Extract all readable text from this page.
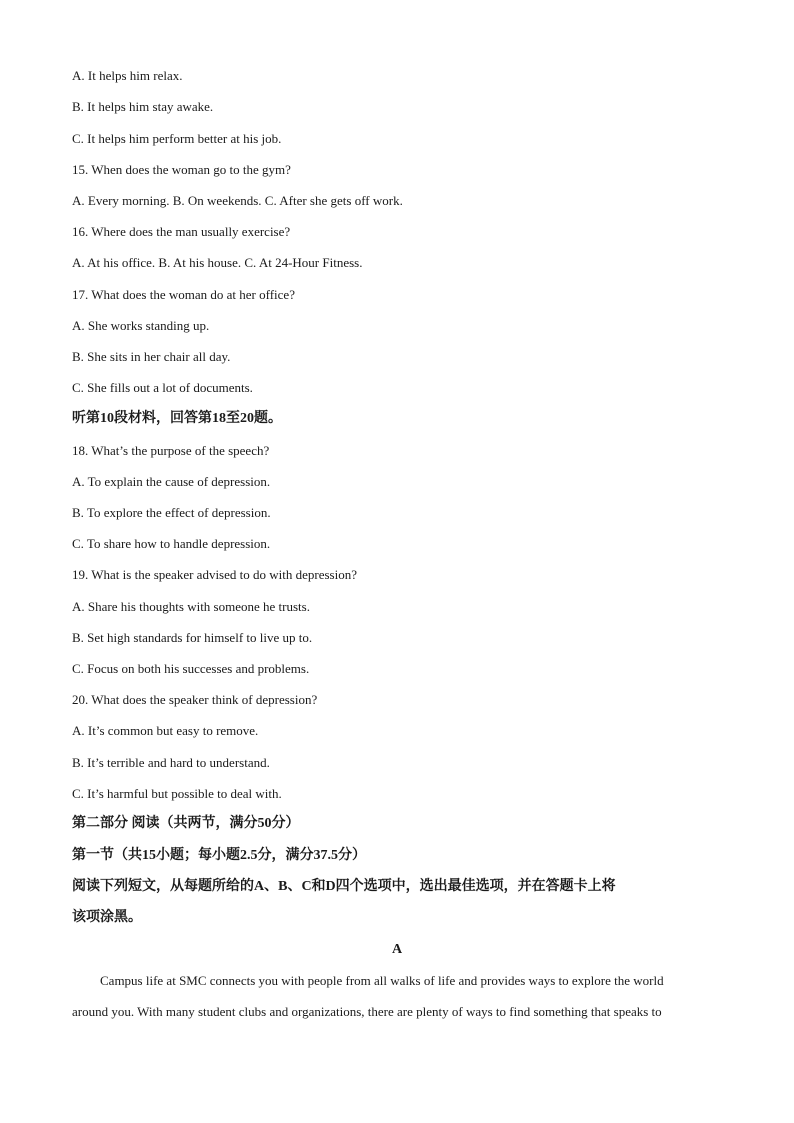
A. It helps him relax.
B. It helps him stay awake.
C. It helps him perform better at his job.
15. When does the woman go to the gym?
A. Every morning. B. On weekends. C. After she gets off work.
16. Where does the man usually exercise?
A. At his office. B. At his house. C. At 24-Hour Fitness.
17. What does the woman do at her office?
A. She works standing up.
B. She sits in her chair all day.
C. She fills out a lot of documents.
听第10段材料，回答第18至20题。
18. What’s the purpose of the speech?
A. To explain the cause of depression.
B. To explore the effect of depression.
C. To share how to handle depression.
19. What is the speaker advised to do with depression?
A. Share his thoughts with someone he trusts.
B. Set high standards for himself to live up to.
C. Focus on both his successes and problems.
20. What does the speaker think of depression?
A. It’s common but easy to remove.
B. It’s terrible and hard to understand.
C. It’s harmful but possible to deal with.
第二部分 阅读（共两节，满分50分）
第一节（共15小题；每小题2.5分，满分37.5分）
阅读下列短文，从每题所给的A、B、C和D四个选项中，选出最佳选项，并在答题卡上将
该项涂黑。
A
Campus life at SMC connects you with people from all walks of life and provides ways to explore the world
around you. With many student clubs and organizations, there are plenty of ways to find something that speaks to
